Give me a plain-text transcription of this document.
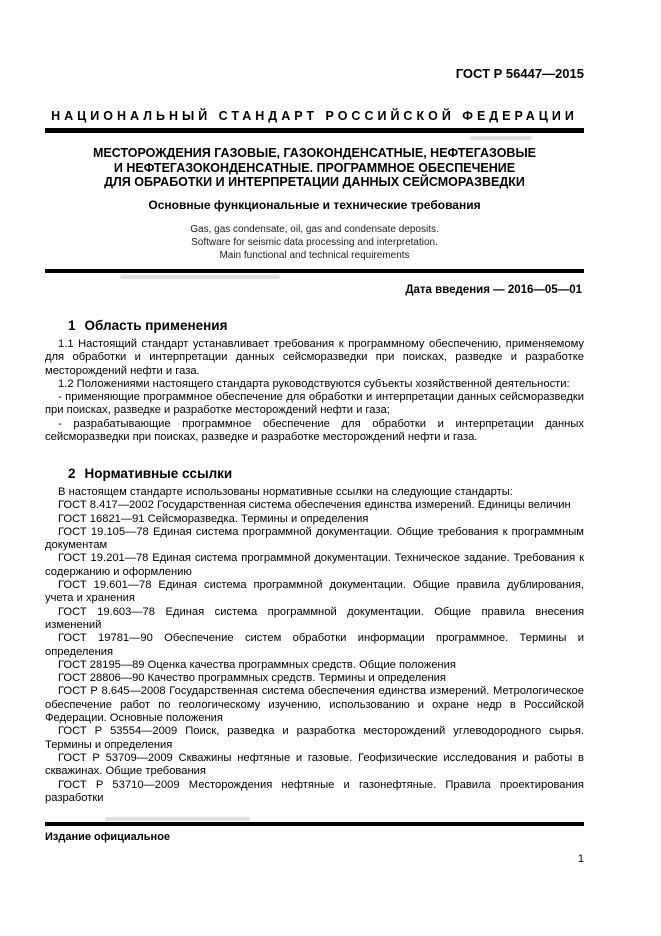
ГОСТ Р 56447—2015
НАЦИОНАЛЬНЫЙ СТАНДАРТ РОССИЙСКОЙ ФЕДЕРАЦИИ
МЕСТОРОЖДЕНИЯ ГАЗОВЫЕ, ГАЗОКОНДЕНСАТНЫЕ, НЕФТЕГАЗОВЫЕ
И НЕФТЕГАЗОКОНДЕНСАТНЫЕ. ПРОГРАММНОЕ ОБЕСПЕЧЕНИЕ
ДЛЯ ОБРАБОТКИ И ИНТЕРПРЕТАЦИИ ДАННЫХ СЕЙСМОРАЗВЕДКИ
Основные функциональные и технические требования
Gas, gas condensate, oil, gas and condensate deposits.
Software for seismic data processing and interpretation.
Main functional and technical requirements
Дата введения — 2016—05—01
1 Область применения

1.1 Настоящий стандарт устанавливает требования к программному обеспечению, применяемому для обработки и интерпретации данных сейсморазведки при поисках, разведке и разработке месторождений нефти и газа.

1.2 Положениями настоящего стандарта руководствуются субъекты хозяйственной деятельности:

- применяющие программное обеспечение для обработки и интерпретации данных сейсморазведки при поисках, разведке и разработке месторождений нефти и газа;

- разрабатывающие программное обеспечение для обработки и интерпретации данных сейсморазведки при поисках, разведке и разработке месторождений нефти и газа.

2 Нормативные ссылки

В настоящем стандарте использованы нормативные ссылки на следующие стандарты:

ГОСТ 8.417—2002 Государственная система обеспечения единства измерений. Единицы величин

ГОСТ 16821—91 Сейсморазведка. Термины и определения

ГОСТ 19.105—78 Единая система программной документации. Общие требования к программным документам

ГОСТ 19.201—78 Единая система программной документации. Техническое задание. Требования к содержанию и оформлению

ГОСТ 19.601—78 Единая система программной документации. Общие правила дублирования, учета и хранения

ГОСТ 19.603—78 Единая система программной документации. Общие правила внесения изменений

ГОСТ 19781—90 Обеспечение систем обработки информации программное. Термины и определения

ГОСТ 28195—89 Оценка качества программных средств. Общие положения

ГОСТ 28806—90 Качество программных средств. Термины и определения

ГОСТ Р 8.645—2008 Государственная система обеспечения единства измерений. Метрологическое обеспечение работ по геологическому изучению, использованию и охране недр в Российской Федерации. Основные положения

ГОСТ Р 53554—2009 Поиск, разведка и разработка месторождений углеводородного сырья. Термины и определения

ГОСТ Р 53709—2009 Скважины нефтяные и газовые. Геофизические исследования и работы в скважинах. Общие требования

ГОСТ Р 53710—2009 Месторождения нефтяные и газонефтяные. Правила проектирования разработки

Издание официальное
1
